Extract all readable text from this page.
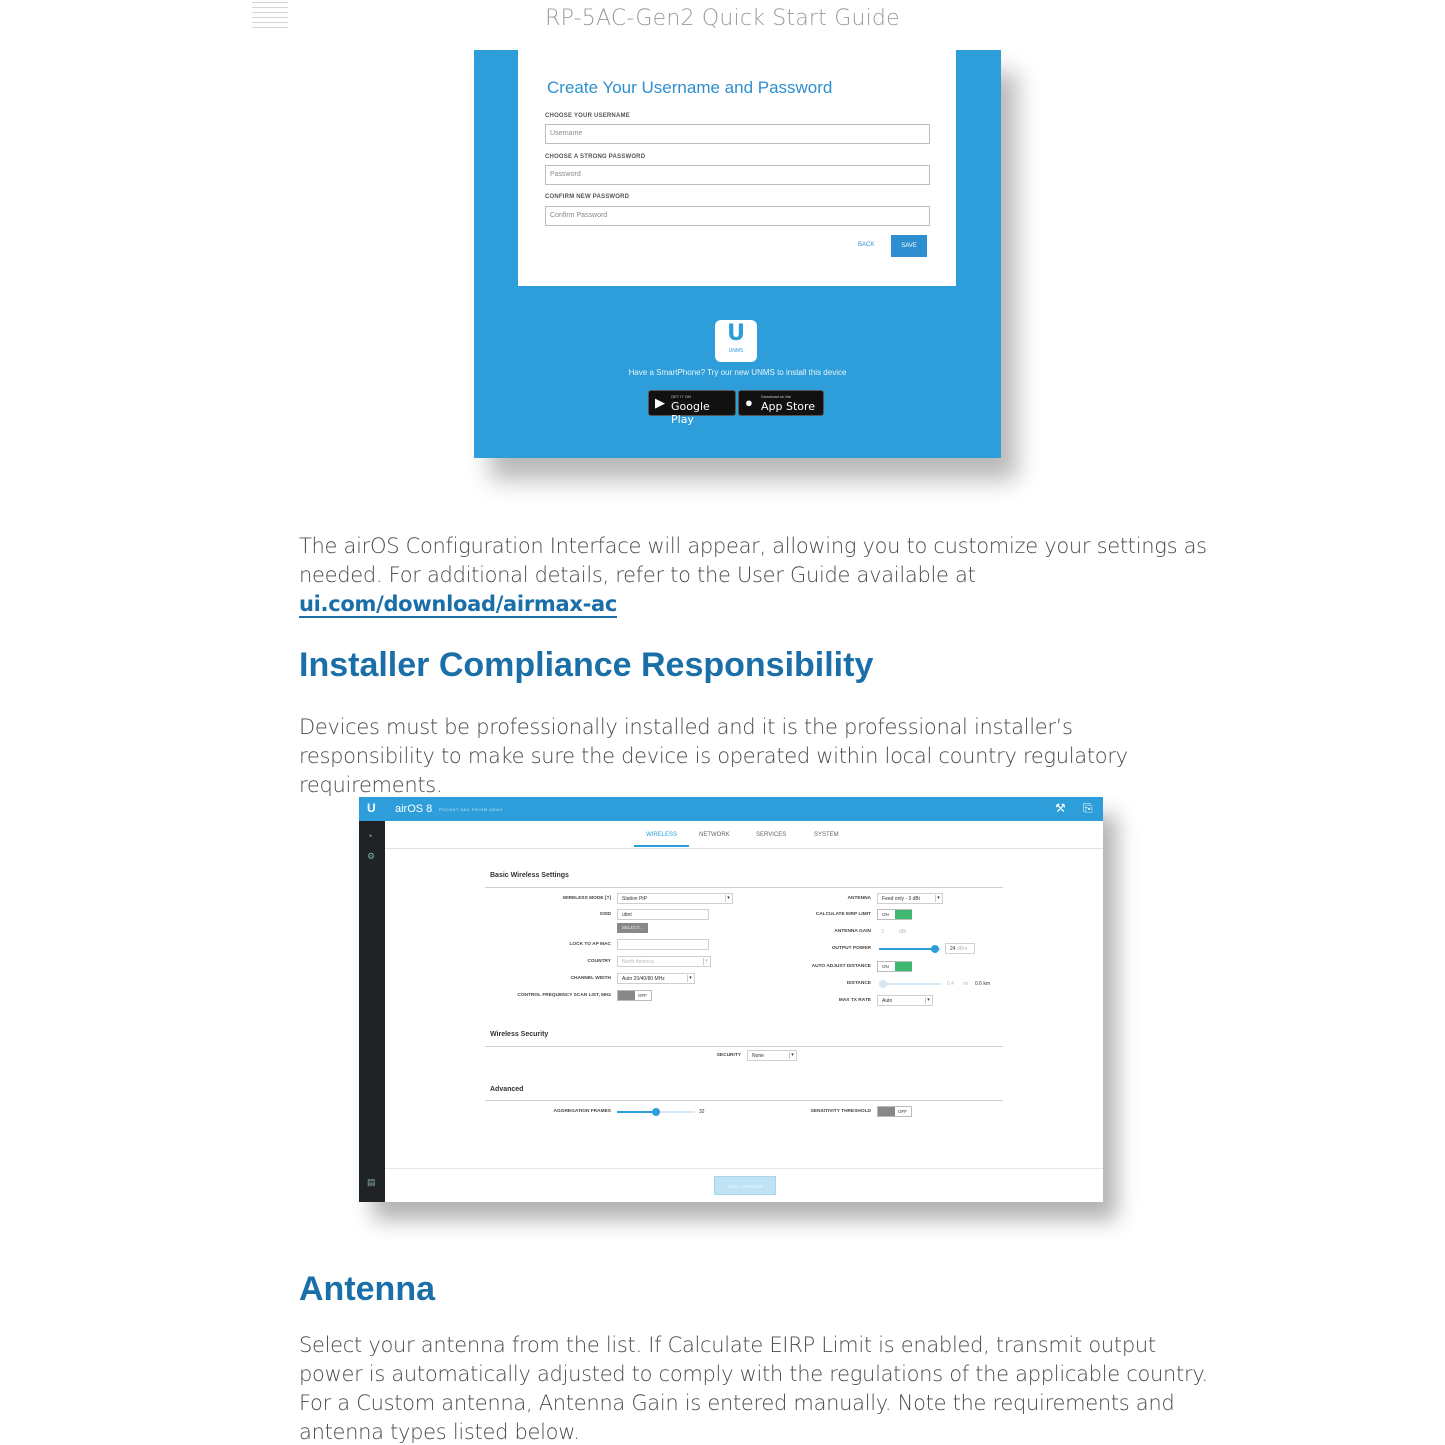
RP-5AC-Gen2 Quick Start Guide
Create Your Username and Password
CHOOSE YOUR USERNAME
Username
CHOOSE A STRONG PASSWORD
Password
CONFIRM NEW PASSWORD
Confirm Password
BACK	SAVE
U
UNMS
Have a SmartPhone? Try our new UNMS to install this device
▶ GET IT ON
Google Play
● Download on the
App Store
The airOS Configuration Interface will appear, allowing you to customize your settings as needed. For additional details, refer to the User Guide available at
ui.com/download/airmax-ac
Installer Compliance Responsibility
Devices must be professionally installed and it is the professional installer’s responsibility to make sure the device is operated within local country regulatory requirements.
U airOS 8 POCKET 5AC PRISM GEN2	⚒ ⎘
◔
⚙
▤
WIRELESS	NETWORK	SERVICES	SYSTEM
Basic Wireless Settings
WIRELESS MODE [?]	Station PtP	▾
SSID	ubnt
SELECT...
LOCK TO AP MAC
COUNTRY	North America	▾
CHANNEL WIDTH	Auto 20/40/80 MHz	▾
CONTROL FREQUENCY SCAN LIST, MHz	OFF
ANTENNA	Feed only - 3 dBi	▾
CALCULATE EIRP LIMIT ON
ANTENNA GAIN 3	dBi
OUTPUT POWER	24 dBm
AUTO ADJUST DISTANCE ON
DISTANCE	0.4 mi 0.6 km
MAX TX RATE	Auto	▾
Wireless Security
SECURITY	None	▾
Advanced
AGGREGATION FRAMES	32	SENSITIVITY THRESHOLD	OFF
SAVE CHANGES
Antenna
Select your antenna from the list. If Calculate EIRP Limit is enabled, transmit output power is automatically adjusted to comply with the regulations of the applicable country. For a Custom antenna, Antenna Gain is entered manually. Note the requirements and antenna types listed below.
